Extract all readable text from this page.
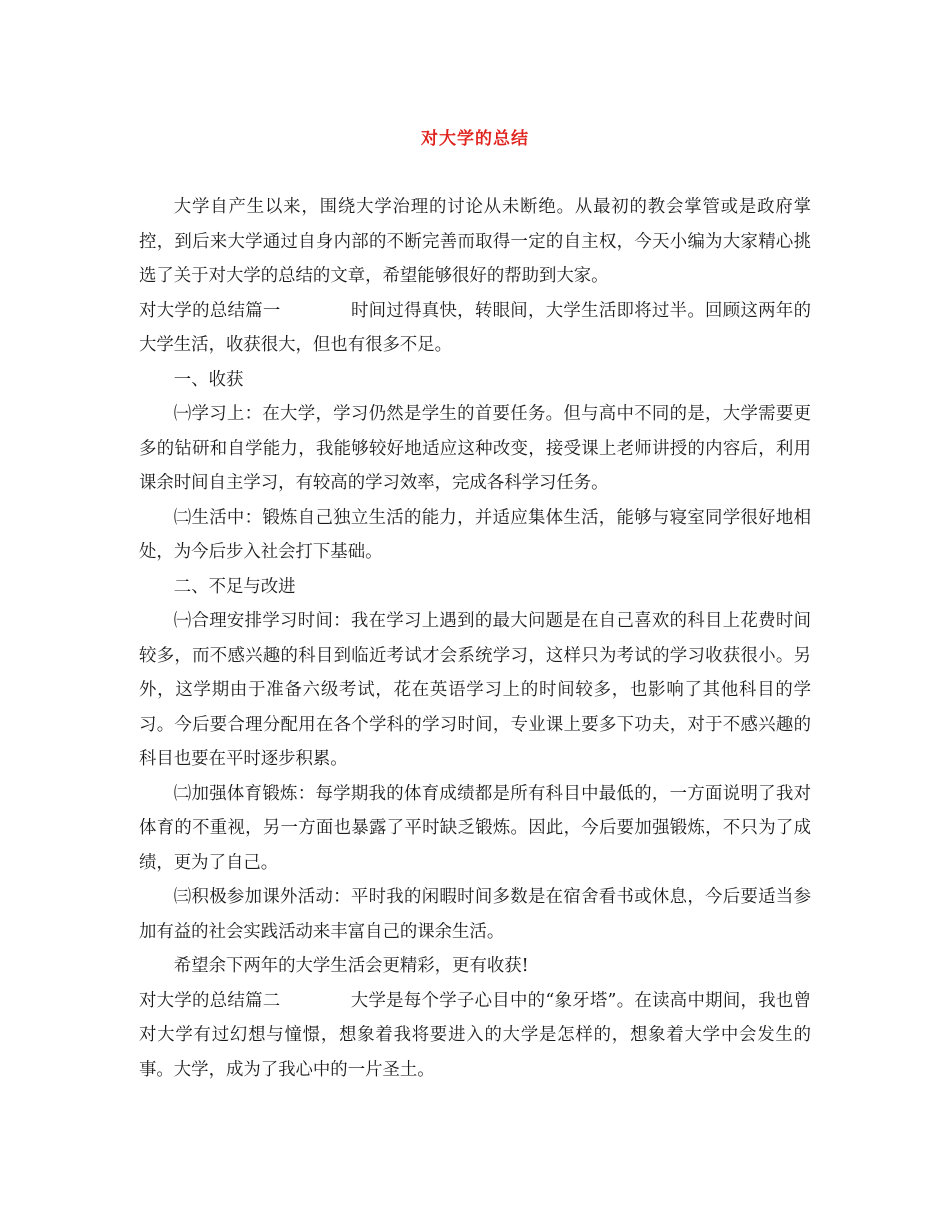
对大学的总结

大学自产生以来，围绕大学治理的讨论从未断绝。从最初的教会掌管或是政府掌控，到后来大学通过自身内部的不断完善而取得一定的自主权，今天小编为大家精心挑选了关于对大学的总结的文章，希望能够很好的帮助到大家。

对大学的总结篇一	时间过得真快，转眼间，大学生活即将过半。回顾这两年的大学生活，收获很大，但也有很多不足。

一、收获

㈠学习上：在大学，学习仍然是学生的首要任务。但与高中不同的是，大学需要更多的钻研和自学能力，我能够较好地适应这种改变，接受课上老师讲授的内容后，利用课余时间自主学习，有较高的学习效率，完成各科学习任务。

㈡生活中：锻炼自己独立生活的能力，并适应集体生活，能够与寝室同学很好地相处，为今后步入社会打下基础。

二、不足与改进

㈠合理安排学习时间：我在学习上遇到的最大问题是在自己喜欢的科目上花费时间较多，而不感兴趣的科目到临近考试才会系统学习，这样只为考试的学习收获很小。另外，这学期由于准备六级考试，花在英语学习上的时间较多，也影响了其他科目的学习。今后要合理分配用在各个学科的学习时间，专业课上要多下功夫，对于不感兴趣的科目也要在平时逐步积累。

㈡加强体育锻炼：每学期我的体育成绩都是所有科目中最低的，一方面说明了我对体育的不重视，另一方面也暴露了平时缺乏锻炼。因此，今后要加强锻炼，不只为了成绩，更为了自己。

㈢积极参加课外活动：平时我的闲暇时间多数是在宿舍看书或休息，今后要适当参加有益的社会实践活动来丰富自己的课余生活。

希望余下两年的大学生活会更精彩，更有收获!

对大学的总结篇二	大学是每个学子心目中的“象牙塔”。在读高中期间，我也曾对大学有过幻想与憧憬，想象着我将要进入的大学是怎样的，想象着大学中会发生的事。大学，成为了我心中的一片圣土。
